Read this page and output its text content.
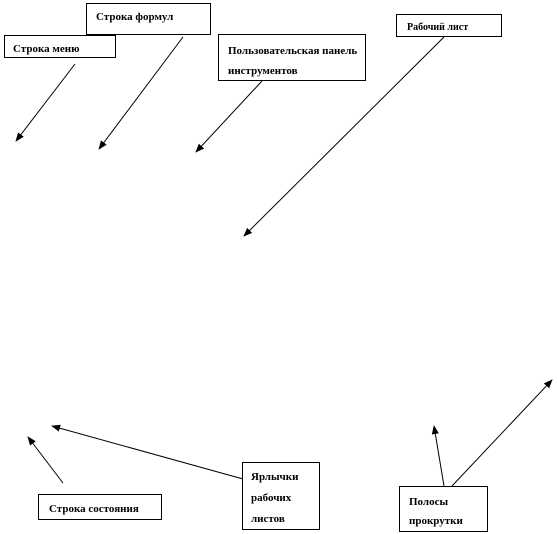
Строка меню
Строка формул
Пользовательская панель инструментов
Рабочий лист
Строка состояния
Ярлычки рабочих листов
Полосы прокрутки
